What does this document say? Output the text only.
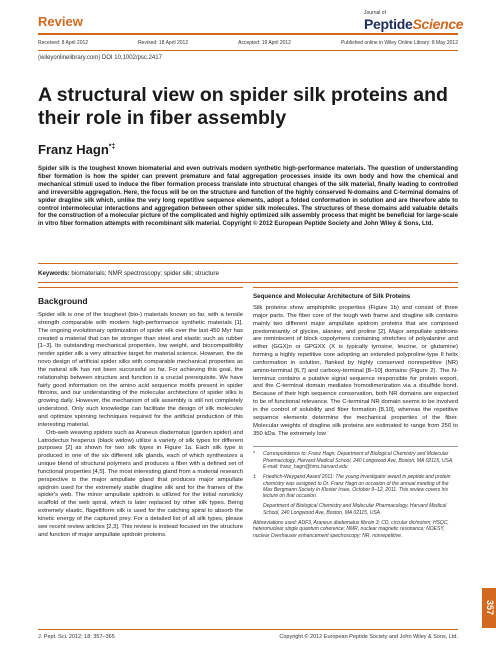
Review
Journal of
PeptideScience
Received: 8 April 2012	Revised: 18 April 2012	Accepted: 19 April 2012	Published online in Wiley Online Library: 8 May 2012
(wileyonlinelibrary.com) DOI 10.1002/psc.2417
A structural view on spider silk proteins and their role in fiber assembly
Franz Hagn*‡

Spider silk is the toughest known biomaterial and even outrivals modern synthetic high-performance materials. The question of understanding fiber formation is how the spider can prevent premature and fatal aggregation processes inside its own body and how the chemical and mechanical stimuli used to induce the fiber formation process translate into structural changes of the silk material, finally leading to controlled and irreversible aggregation. Here, the focus will be on the structure and function of the highly conserved N-domains and C-terminal domains of spider dragline silk which, unlike the very long repetitive sequence elements, adopt a folded conformation in solution and are therefore able to control intermolecular interactions and aggregation between other spider silk molecules. The structures of these domains add valuable details for the construction of a molecular picture of the complicated and highly optimized silk assembly process that might be beneficial for large-scale in vitro fiber formation attempts with recombinant silk material. Copyright © 2012 European Peptide Society and John Wiley & Sons, Ltd.

Keywords: biomaterials; NMR spectroscopy; spider silk; structure
Background

Spider silk is one of the toughest (bio-) materials known so far, with a tensile strength comparable with modern high-performance synthetic materials [1]. The ongoing evolutionary optimization of spider silk over the last 450 Myr has created a material that can be stronger than steel and elastic such as rubber [1–3]. Its outstanding mechanical properties, low weight, and biocompatibility render spider silk a very attractive target for material science. However, the de novo design of artificial spider silks with comparable mechanical properties as the natural silk has not been successful so far. For achieving this goal, the relationship between structure and function is a crucial prerequisite. We have fairly good information on the amino acid sequence motifs present in spider fibroins, and our understanding of the molecular architecture of spider silks is growing daily. However, the mechanism of silk assembly is still not completely understood. Only such knowledge can facilitate the design of silk molecules and optimize spinning techniques required for the artificial production of this interesting material.

Orb-web weaving spiders such as Araneus diadematus (garden spider) and Latrodectus hesperus (black widow) utilize a variety of silk types for different purposes [2] as shown for two silk types in Figure 1a. Each silk type is produced in one of the six different silk glands, each of which synthesizes a unique blend of structural polymers and produces a fiber with a defined set of functional properties [4,5]. The most interesting gland from a material research perspective is the major ampullate gland that produces major ampullate spidroin used for the extremely stable dragline silk and for the frames of the spider's web. The minor ampullate spidroin is utilized for the initial nonsticky scaffold of the web spiral, which is later replaced by other silk types. Being extremely elastic, flagelliform silk is used for the catching spiral to absorb the kinetic energy of the captured prey. For a detailed list of all silk types, please see recent review articles [2,3]. This review is instead focused on the structure and function of major ampullate spidroin proteins.

Sequence and Molecular Architecture of Silk Proteins

Silk proteins show amphiphilic properties (Figure 1b) and consist of three major parts. The fiber core of the tough web frame and dragline silk contains mainly two different major ampullate spidroin proteins that are composed predominantly of glycine, alanine, and proline [2]. Major ampullate spidroins are reminiscent of block copolymers containing stretches of polyalanine and either (GGX)n or GPGXX (X is typically tyrosine, leucine, or glutamine) forming a highly repetitive core adopting an extended polyproline-type II helix conformation in solution, flanked by highly conserved nonrepetitive (NR) amino-terminal [6,7] and carboxy-terminal [8–10] domains (Figure 2). The N-terminus contains a putative signal sequence responsible for protein export, and the C-terminal domain mediates homodimerization via a disulfide bond. Because of their high sequence conservation, both NR domains are expected to be of functional relevance. The C-terminal NR domain seems to be involved in the control of solubility and fiber formation [8,10], whereas the repetitive sequence elements determine the mechanical properties of the fiber. Molecular weights of dragline silk proteins are estimated to range from 250 to 350 kDa. The extremely low

* Correspondence to: Franz Hagn, Department of Biological Chemistry and Molecular Pharmacology, Harvard Medical School, 240 Longwood Ave, Boston, MA 02115, USA. E-mail: franz_hagn@hms.harvard.edu
‡ Friedrich-Weygand Award 2011: The young investigator award in peptide and protein chemistry was assigned to Dr. Franz Hagn on occasion of the annual meeting of the Max Bergmann Society in Kloster Irsee, October 9–12, 2011. This review covers his lecture on that occasion.
Department of Biological Chemistry and Molecular Pharmacology, Harvard Medical School, 240 Longwood Ave, Boston, MA 02115, USA

Abbreviations used: ADF3, Araneus diadematus fibroin 3; CD, circular dichroism; HSQC, heteronuclear single quantum coherence; NMR, nuclear magnetic resonance; NOESY, nuclear Overhauser enhancement spectroscopy; NR, nonrepetitive.

357
J. Pept. Sci. 2012; 18: 357–365	Copyright © 2012 European Peptide Society and John Wiley & Sons, Ltd.
